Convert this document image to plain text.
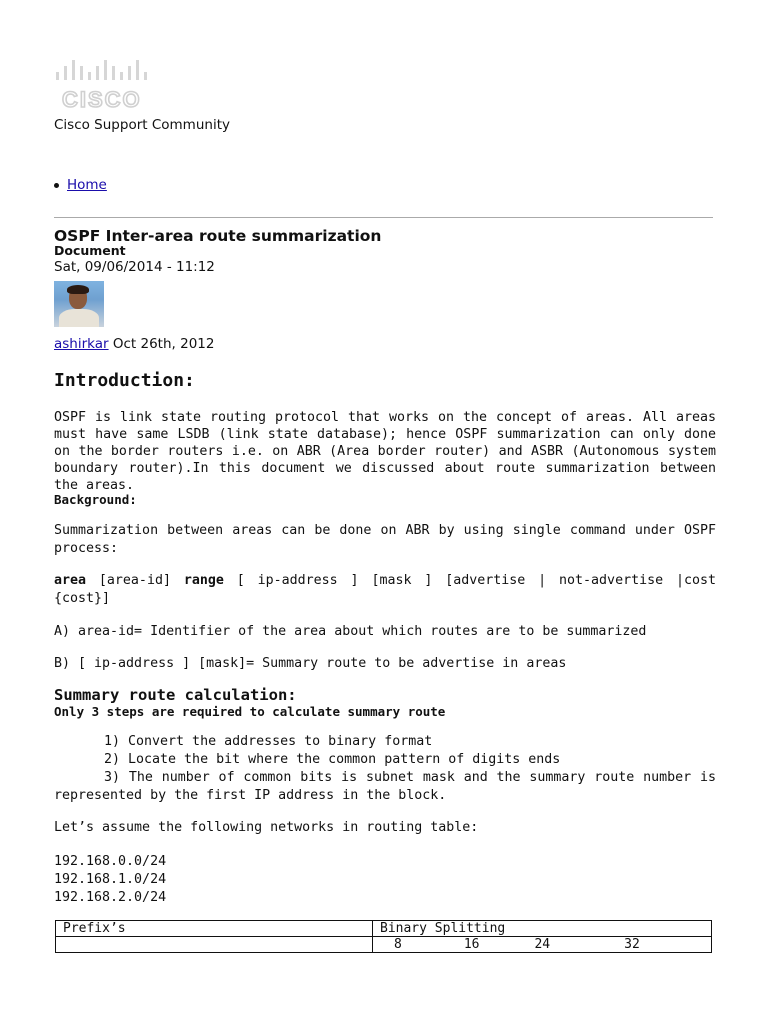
CISCO
Cisco Support Community
Home
OSPF Inter-area route summarization
Document
Sat, 09/06/2014 - 11:12
ashirkar Oct 26th, 2012
Introduction:
OSPF is link state routing protocol that works on the concept of areas. All areas must have same LSDB (link state database); hence OSPF summarization can only done on the border routers i.e. on ABR (Area border router) and ASBR (Autonomous system boundary router).In this document we discussed about route summarization between the areas.
Background:
Summarization between areas can be done on ABR by using single command under OSPF process:
area [area-id] range [ ip-address ] [mask ] [advertise | not-advertise |cost {cost}]
A) area-id= Identifier of the area about which routes are to be summarized
B) [ ip-address ] [mask]= Summary route to be advertise in areas
Summary route calculation:
Only 3 steps are required to calculate summary route
1) Convert the addresses to binary format
2) Locate the bit where the common pattern of digits ends
3) The number of common bits is subnet mask and the summary route number is represented by the first IP address in the block.
Let’s assume the following networks in routing table:
192.168.0.0/24
192.168.1.0/24
192.168.2.0/24
Prefix’s	Binary Splitting
	8 16 24 32
